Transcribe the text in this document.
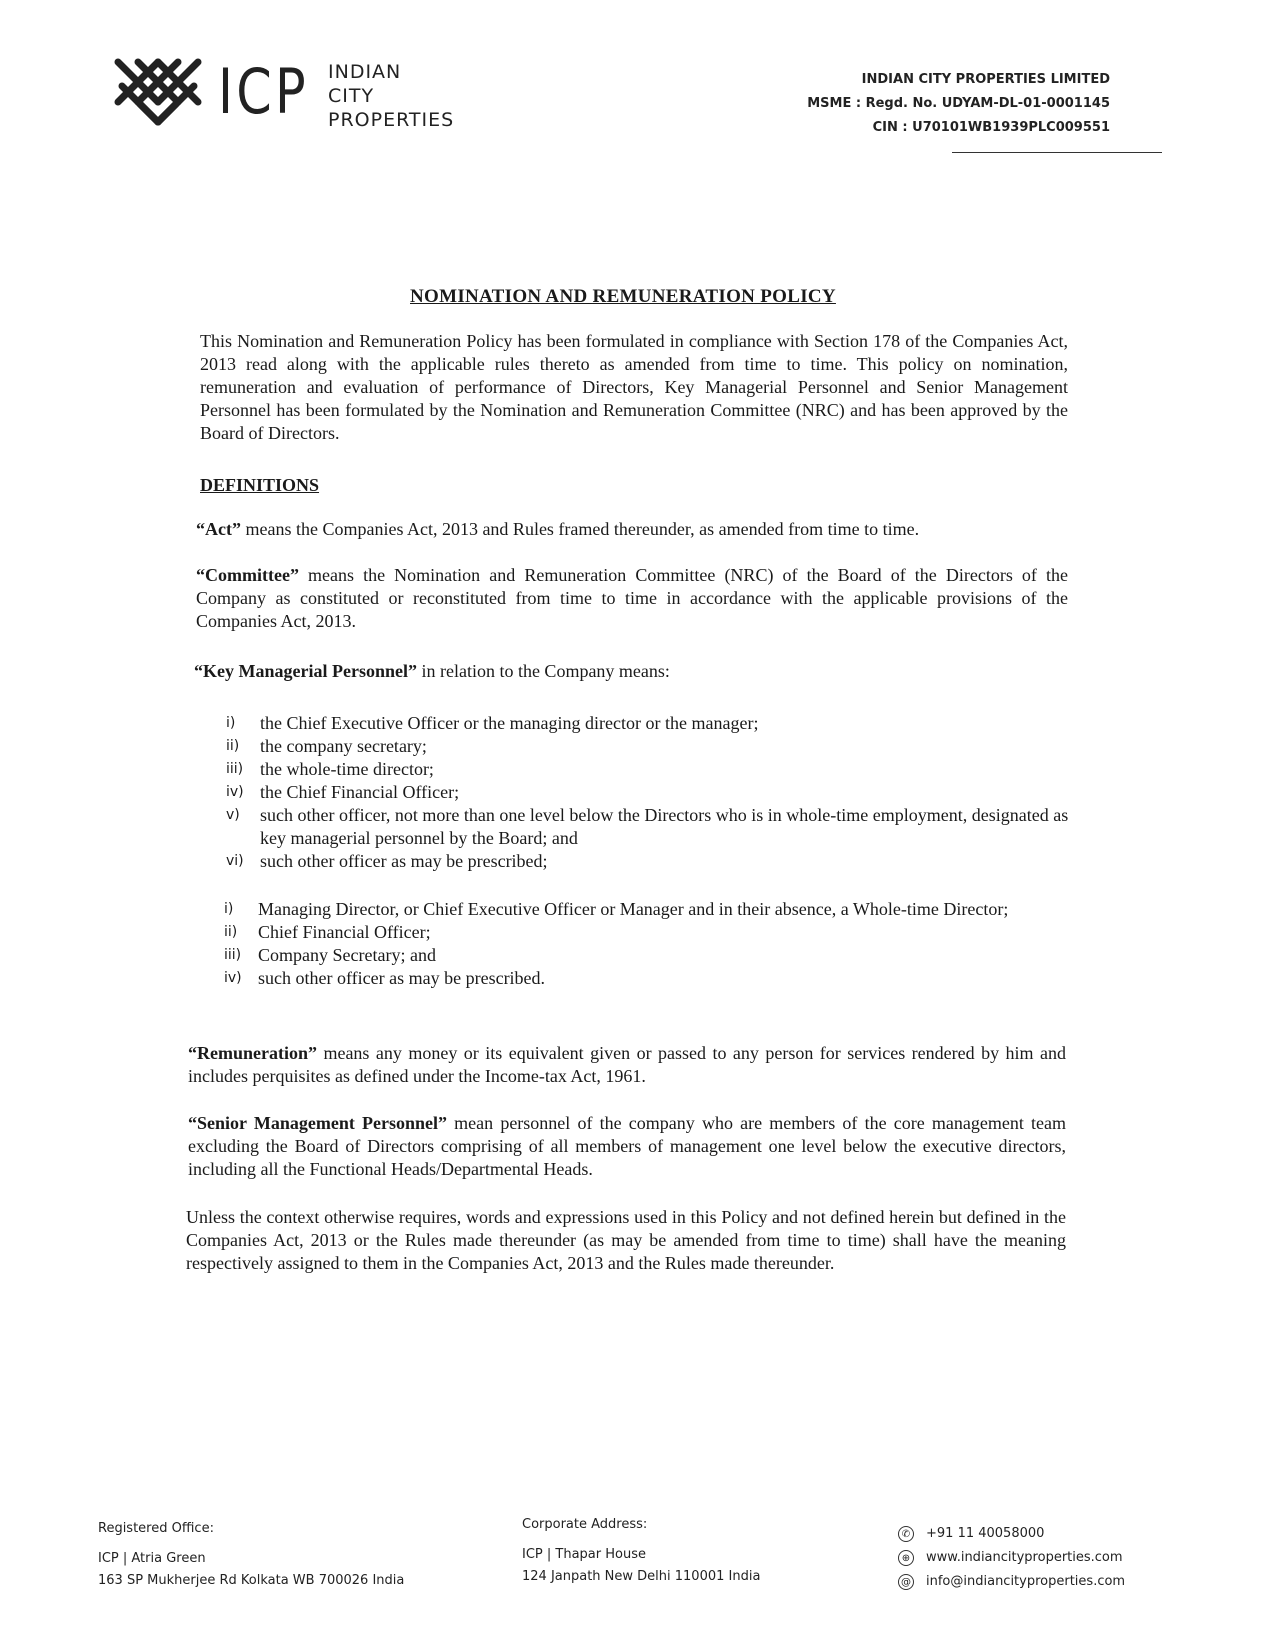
ICP INDIAN
CITY
PROPERTIES
INDIAN CITY PROPERTIES LIMITED
MSME : Regd. No. UDYAM-DL-01-0001145
CIN : U70101WB1939PLC009551
NOMINATION AND REMUNERATION POLICY

This Nomination and Remuneration Policy has been formulated in compliance with Section 178 of the Companies Act, 2013 read along with the applicable rules thereto as amended from time to time. This policy on nomination, remuneration and evaluation of performance of Directors, Key Managerial Personnel and Senior Management Personnel has been formulated by the Nomination and Remuneration Committee (NRC) and has been approved by the Board of Directors.

DEFINITIONS

“Act” means the Companies Act, 2013 and Rules framed thereunder, as amended from time to time.

“Committee” means the Nomination and Remuneration Committee (NRC) of the Board of the Directors of the Company as constituted or reconstituted from time to time in accordance with the applicable provisions of the Companies Act, 2013.

“Key Managerial Personnel” in relation to the Company means:

i) the Chief Executive Officer or the managing director or the manager;
ii) the company secretary;
iii) the whole-time director;
iv) the Chief Financial Officer;
v) such other officer, not more than one level below the Directors who is in whole-time employment, designated as key managerial personnel by the Board; and
vi) such other officer as may be prescribed;
i) Managing Director, or Chief Executive Officer or Manager and in their absence, a Whole-time Director;
ii) Chief Financial Officer;
iii) Company Secretary; and
iv) such other officer as may be prescribed.

“Remuneration” means any money or its equivalent given or passed to any person for services rendered by him and includes perquisites as defined under the Income-tax Act, 1961.

“Senior Management Personnel” mean personnel of the company who are members of the core management team excluding the Board of Directors comprising of all members of management one level below the executive directors, including all the Functional Heads/Departmental Heads.

Unless the context otherwise requires, words and expressions used in this Policy and not defined herein but defined in the Companies Act, 2013 or the Rules made thereunder (as may be amended from time to time) shall have the meaning respectively assigned to them in the Companies Act, 2013 and the Rules made thereunder.

Registered Office:
ICP | Atria Green
163 SP Mukherjee Rd Kolkata WB 700026 India
Corporate Address:
ICP | Thapar House
124 Janpath New Delhi 110001 India
✆ +91 11 40058000
⊕ www.indiancityproperties.com
@ info@indiancityproperties.com
